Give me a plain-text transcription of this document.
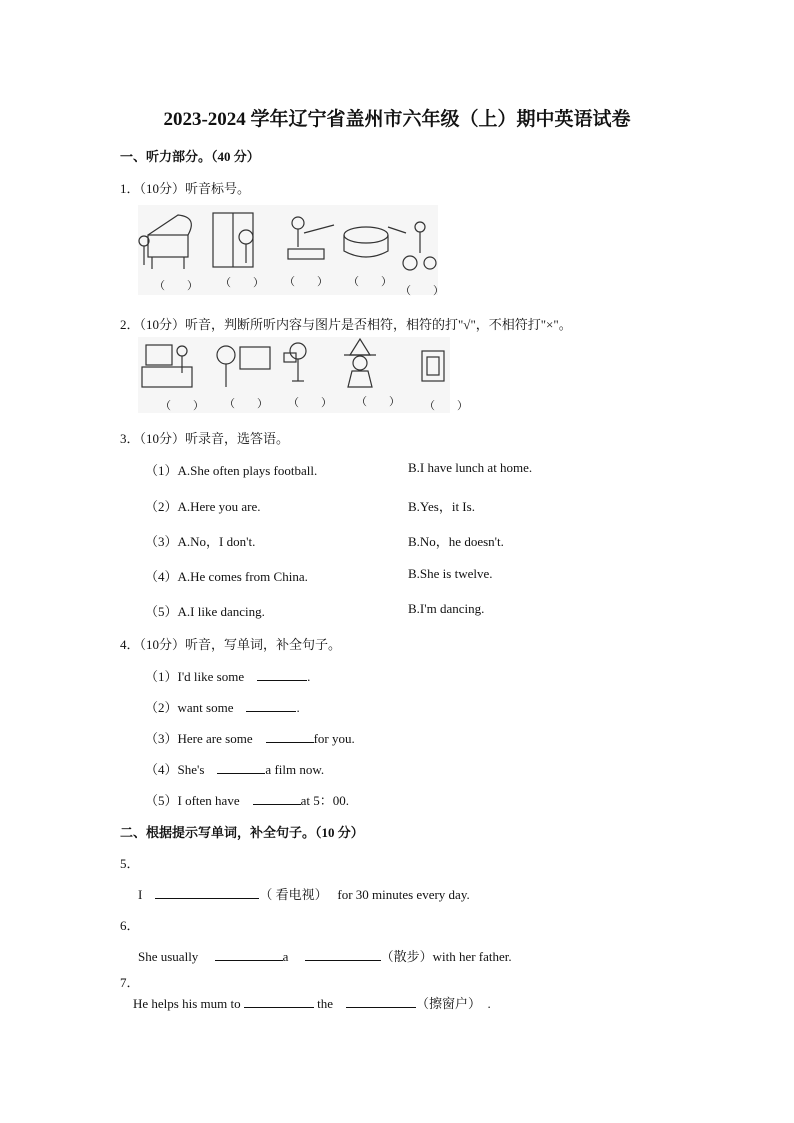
2023-2024 学年辽宁省盖州市六年级（上）期中英语试卷
一、听力部分。（40 分）
1．（10分）听音标号。
（　　） （　　） （　　） （　　）
（　　）
2．（10分）听音，判断所听内容与图片是否相符，相符的打"√"，不相符打"×"。
（　　） （　　） （　　） （　　） （　　）
3．（10分）听录音，选答语。
（1）A.She often plays football.	B.I have lunch at home.
（2）A.Here you are.	B.Yes，it Is.
（3）A.No，I don't.	B.No，he doesn't.
（4）A.He comes from China.	B.She is twelve.
（5）A.I like dancing.	B.I'm dancing.
4．（10分）听音，写单词，补全句子。
（1）I'd like some	.
（2）want some	.
（3）Here are some	for you.
（4）She's	a film now.
（5）I often have	at 5：00.
二、根据提示写单词，补全句子。（10 分）
5．
I	（ 看电视） for 30 minutes every day.
6．
She usually	a	（散步）with her father.
7．
He helps his mum to	the	（擦窗户） .
